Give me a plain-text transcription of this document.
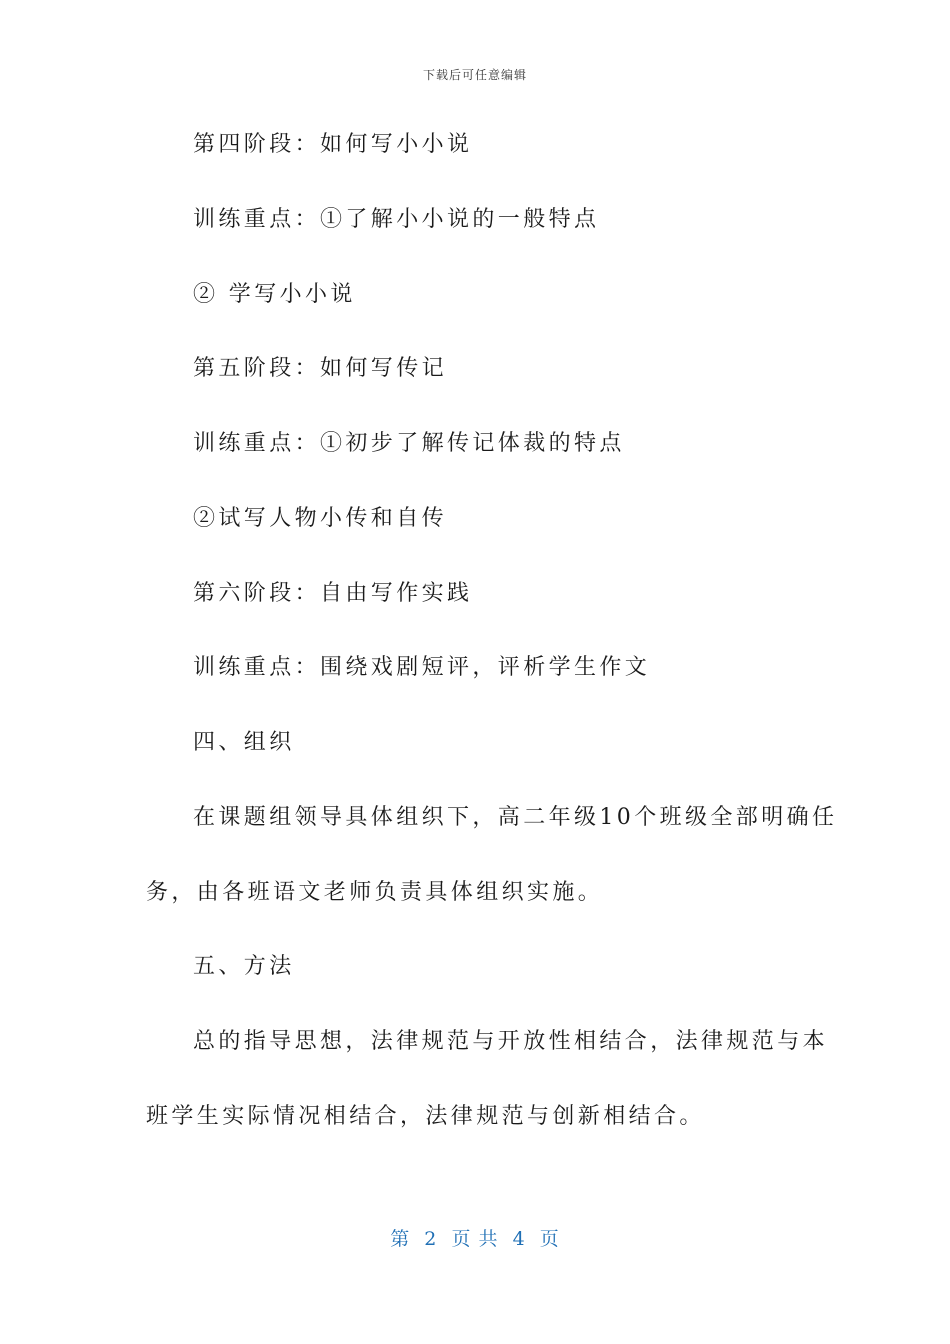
下载后可任意编辑
第四阶段：如何写小小说
训练重点：①了解小小说的一般特点
② 学写小小说
第五阶段：如何写传记
训练重点：①初步了解传记体裁的特点
②试写人物小传和自传
第六阶段：自由写作实践
训练重点：围绕戏剧短评，评析学生作文
四、组织
在课题组领导具体组织下，高二年级10个班级全部明确任
务，由各班语文老师负责具体组织实施。
五、方法
总的指导思想，法律规范与开放性相结合，法律规范与本
班学生实际情况相结合，法律规范与创新相结合。
第  2  页 共  4  页
